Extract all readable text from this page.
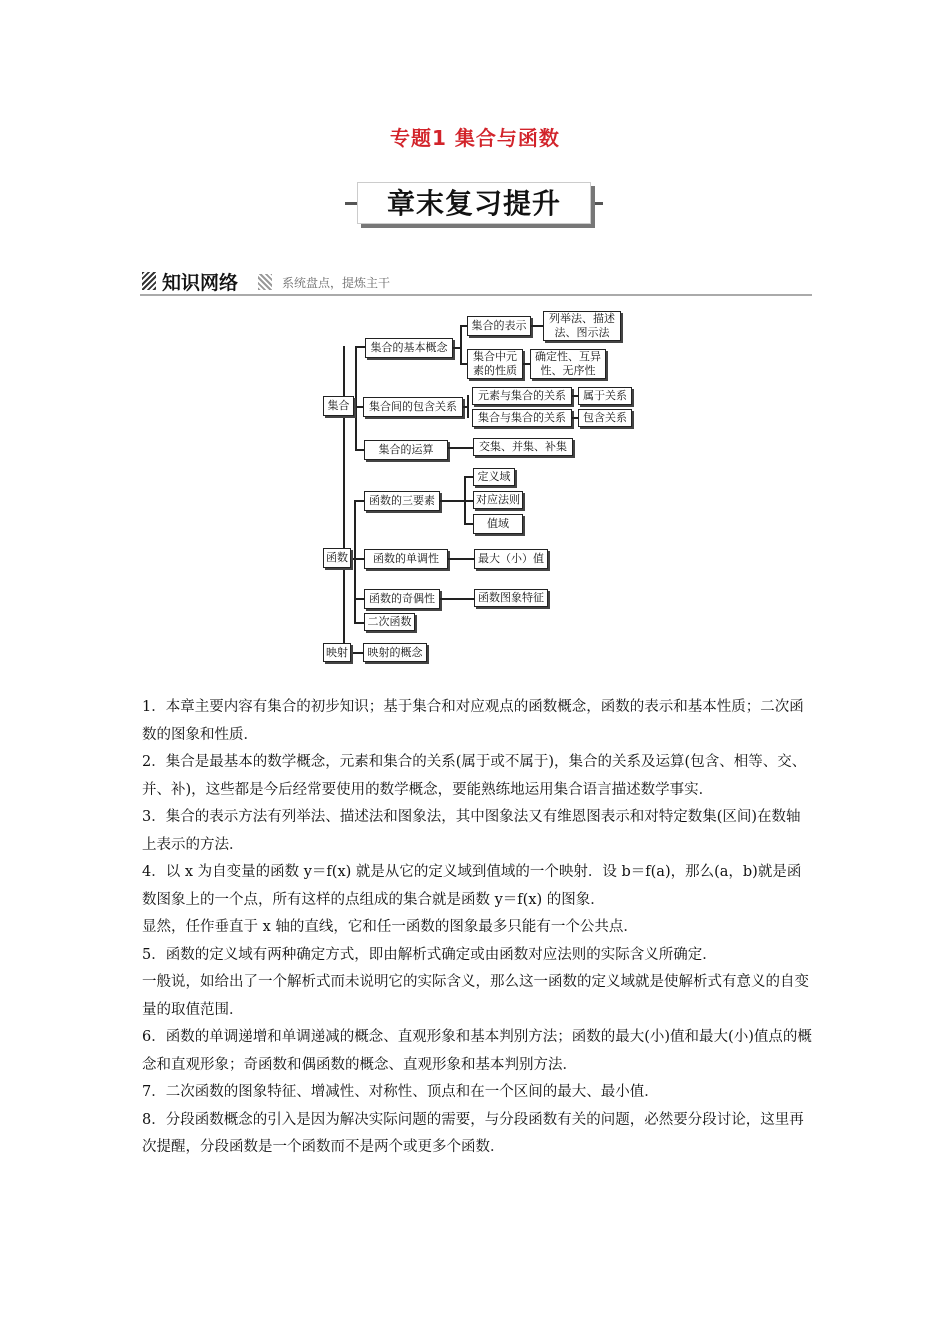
专题1 集合与函数
章末复习提升
知识网络	系统盘点，提炼主干
集合
集合的基本概念
集合间的包含关系
集合的运算
集合的表示
列举法、描述
法、图示法
集合中元
素的性质
确定性、互异
性、无序性
元素与集合的关系 属于关系
集合与集合的关系 包含关系
交集、并集、补集
函数
函数的三要素
函数的单调性
函数的奇偶性
二次函数
定义域
对应法则
值域
最大（小）值
函数图象特征
映射 映射的概念

1．本章主要内容有集合的初步知识；基于集合和对应观点的函数概念，函数的表示和基本性质；二次函数的图象和性质．

2．集合是最基本的数学概念，元素和集合的关系(属于或不属于)，集合的关系及运算(包含、相等、交、并、补)，这些都是今后经常要使用的数学概念，要能熟练地运用集合语言描述数学事实．

3．集合的表示方法有列举法、描述法和图象法，其中图象法又有维恩图表示和对特定数集(区间)在数轴上表示的方法．

4．以 x 为自变量的函数 y＝f(x) 就是从它的定义域到值域的一个映射．设 b＝f(a)，那么(a，b)就是函数图象上的一个点，所有这样的点组成的集合就是函数 y＝f(x) 的图象．

显然，任作垂直于 x 轴的直线，它和任一函数的图象最多只能有一个公共点．

5．函数的定义域有两种确定方式，即由解析式确定或由函数对应法则的实际含义所确定．

一般说，如给出了一个解析式而未说明它的实际含义，那么这一函数的定义域就是使解析式有意义的自变量的取值范围．

6．函数的单调递增和单调递减的概念、直观形象和基本判别方法；函数的最大(小)值和最大(小)值点的概念和直观形象；奇函数和偶函数的概念、直观形象和基本判别方法．

7．二次函数的图象特征、增减性、对称性、顶点和在一个区间的最大、最小值．

8．分段函数概念的引入是因为解决实际问题的需要，与分段函数有关的问题，必然要分段讨论，这里再次提醒，分段函数是一个函数而不是两个或更多个函数．
